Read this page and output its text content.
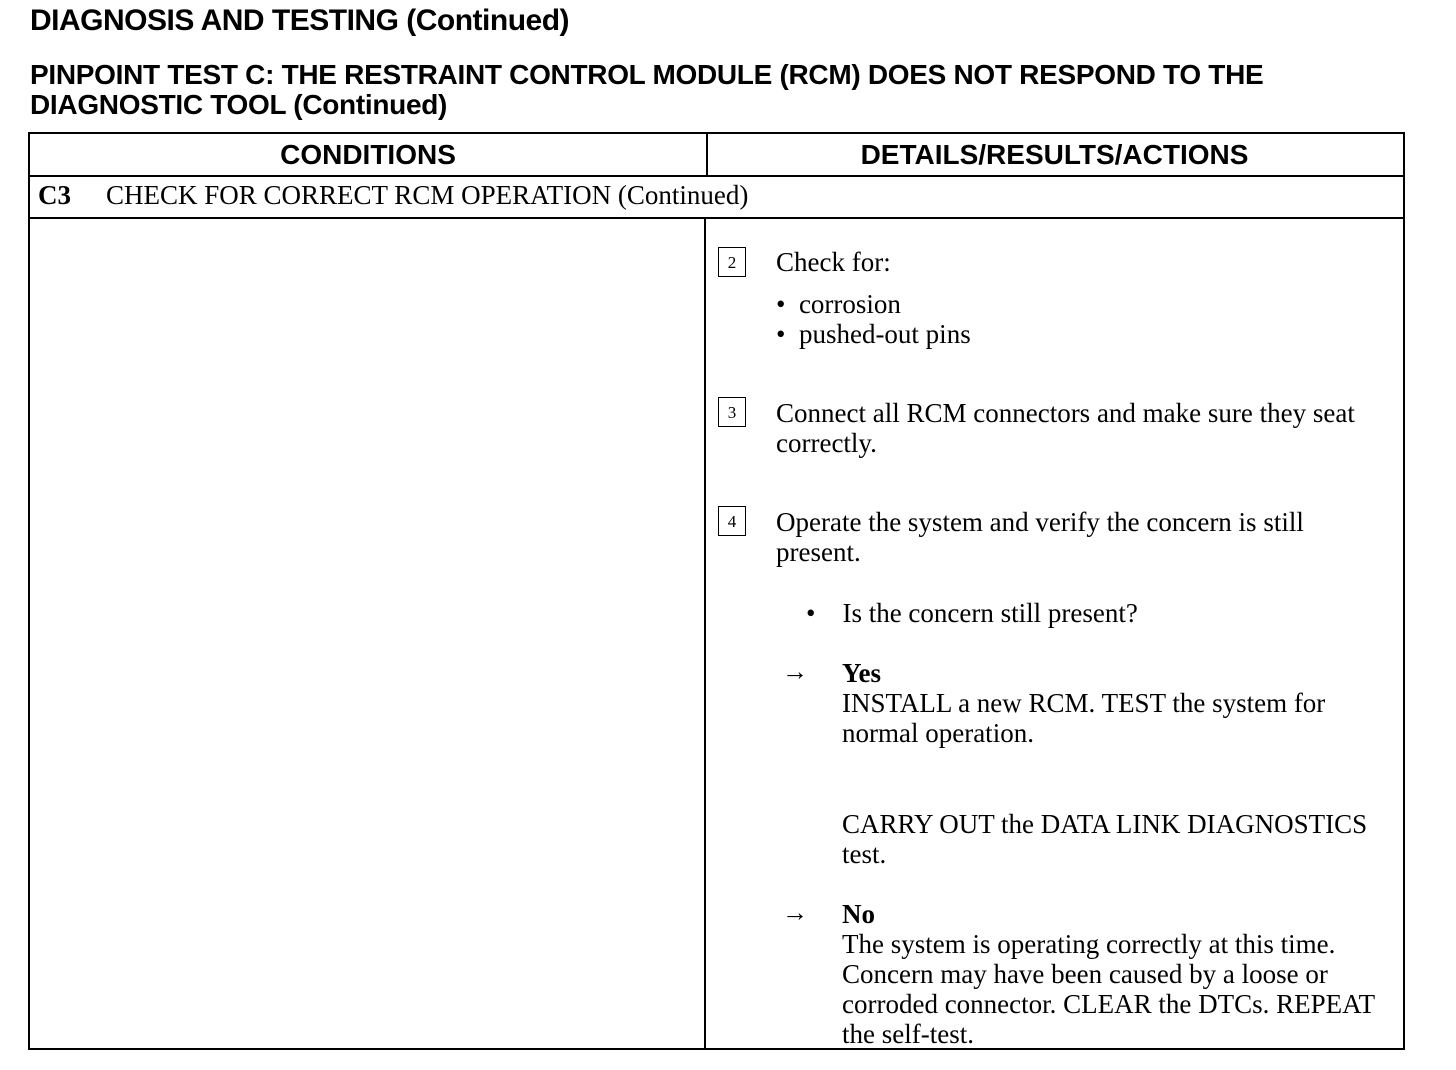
DIAGNOSIS AND TESTING (Continued)
PINPOINT TEST C: THE RESTRAINT CONTROL MODULE (RCM) DOES NOT RESPOND TO THE DIAGNOSTIC TOOL (Continued)
CONDITIONS	DETAILS/RESULTS/ACTIONS
C3 CHECK FOR CORRECT RCM OPERATION (Continued)
2	Check for:
• corrosion
• pushed-out pins
3	Connect all RCM connectors and make sure they seat correctly.
4	Operate the system and verify the concern is still present.
• Is the concern still present?
→ Yes
INSTALL a new RCM. TEST the system for normal operation.
CARRY OUT the DATA LINK DIAGNOSTICS test.
→ No
The system is operating correctly at this time. Concern may have been caused by a loose or corroded connector. CLEAR the DTCs. REPEAT the self-test.
